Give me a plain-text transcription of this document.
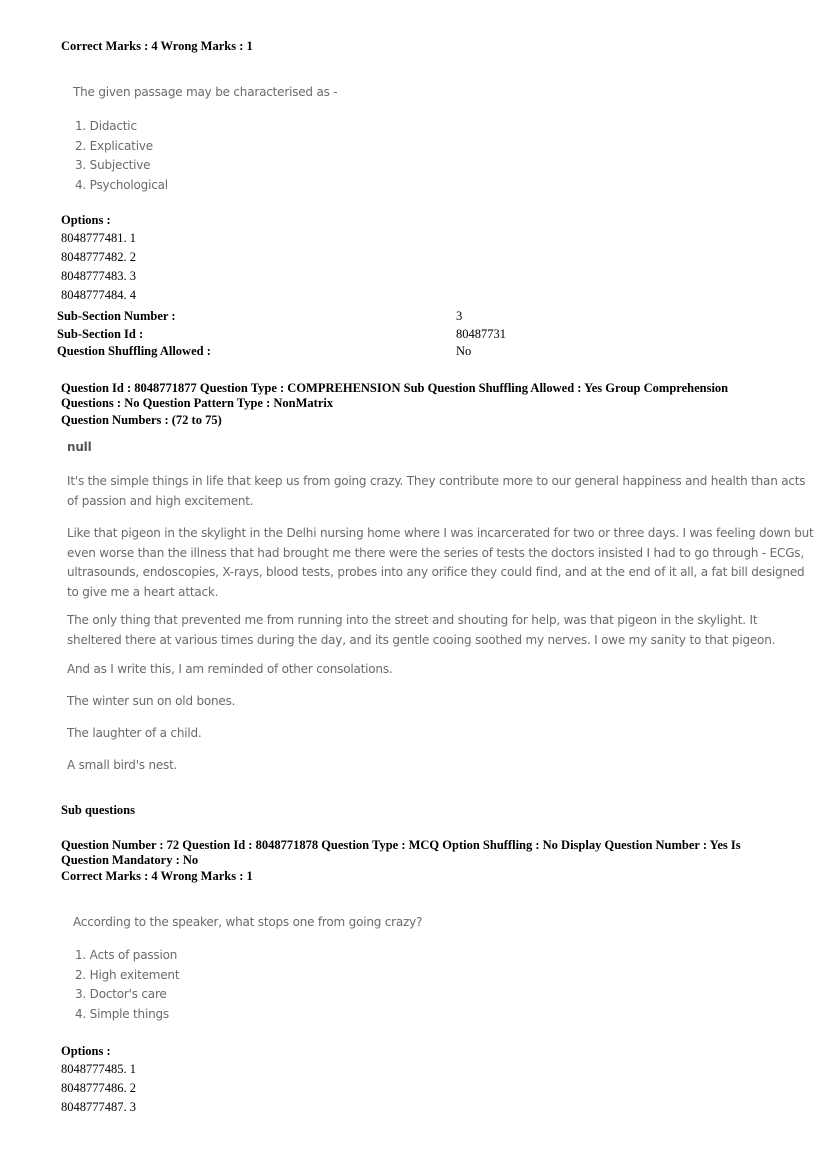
Correct Marks : 4 Wrong Marks : 1
The given passage may be characterised as -
1. Didactic
2. Explicative
3. Subjective
4. Psychological
Options :
8048777481. 1
8048777482. 2
8048777483. 3
8048777484. 4
Sub-Section Number :	3
Sub-Section Id :	80487731
Question Shuffling Allowed :	No
Question Id : 8048771877 Question Type : COMPREHENSION Sub Question Shuffling Allowed : Yes Group Comprehension
Questions : No Question Pattern Type : NonMatrix
Question Numbers : (72 to 75)

null

It's the simple things in life that keep us from going crazy. They contribute more to our general happiness and health than acts

of passion and high excitement.

Like that pigeon in the skylight in the Delhi nursing home where I was incarcerated for two or three days. I was feeling down but

even worse than the illness that had brought me there were the series of tests the doctors insisted I had to go through - ECGs,

ultrasounds, endoscopies, X-rays, blood tests, probes into any orifice they could find, and at the end of it all, a fat bill designed

to give me a heart attack.

The only thing that prevented me from running into the street and shouting for help, was that pigeon in the skylight. It

sheltered there at various times during the day, and its gentle cooing soothed my nerves. I owe my sanity to that pigeon.

And as I write this, I am reminded of other consolations.

The winter sun on old bones.

The laughter of a child.

A small bird's nest.

Sub questions
Question Number : 72 Question Id : 8048771878 Question Type : MCQ Option Shuffling : No Display Question Number : Yes Is
Question Mandatory : No
Correct Marks : 4 Wrong Marks : 1
According to the speaker, what stops one from going crazy?
1. Acts of passion
2. High exitement
3. Doctor's care
4. Simple things
Options :
8048777485. 1
8048777486. 2
8048777487. 3
